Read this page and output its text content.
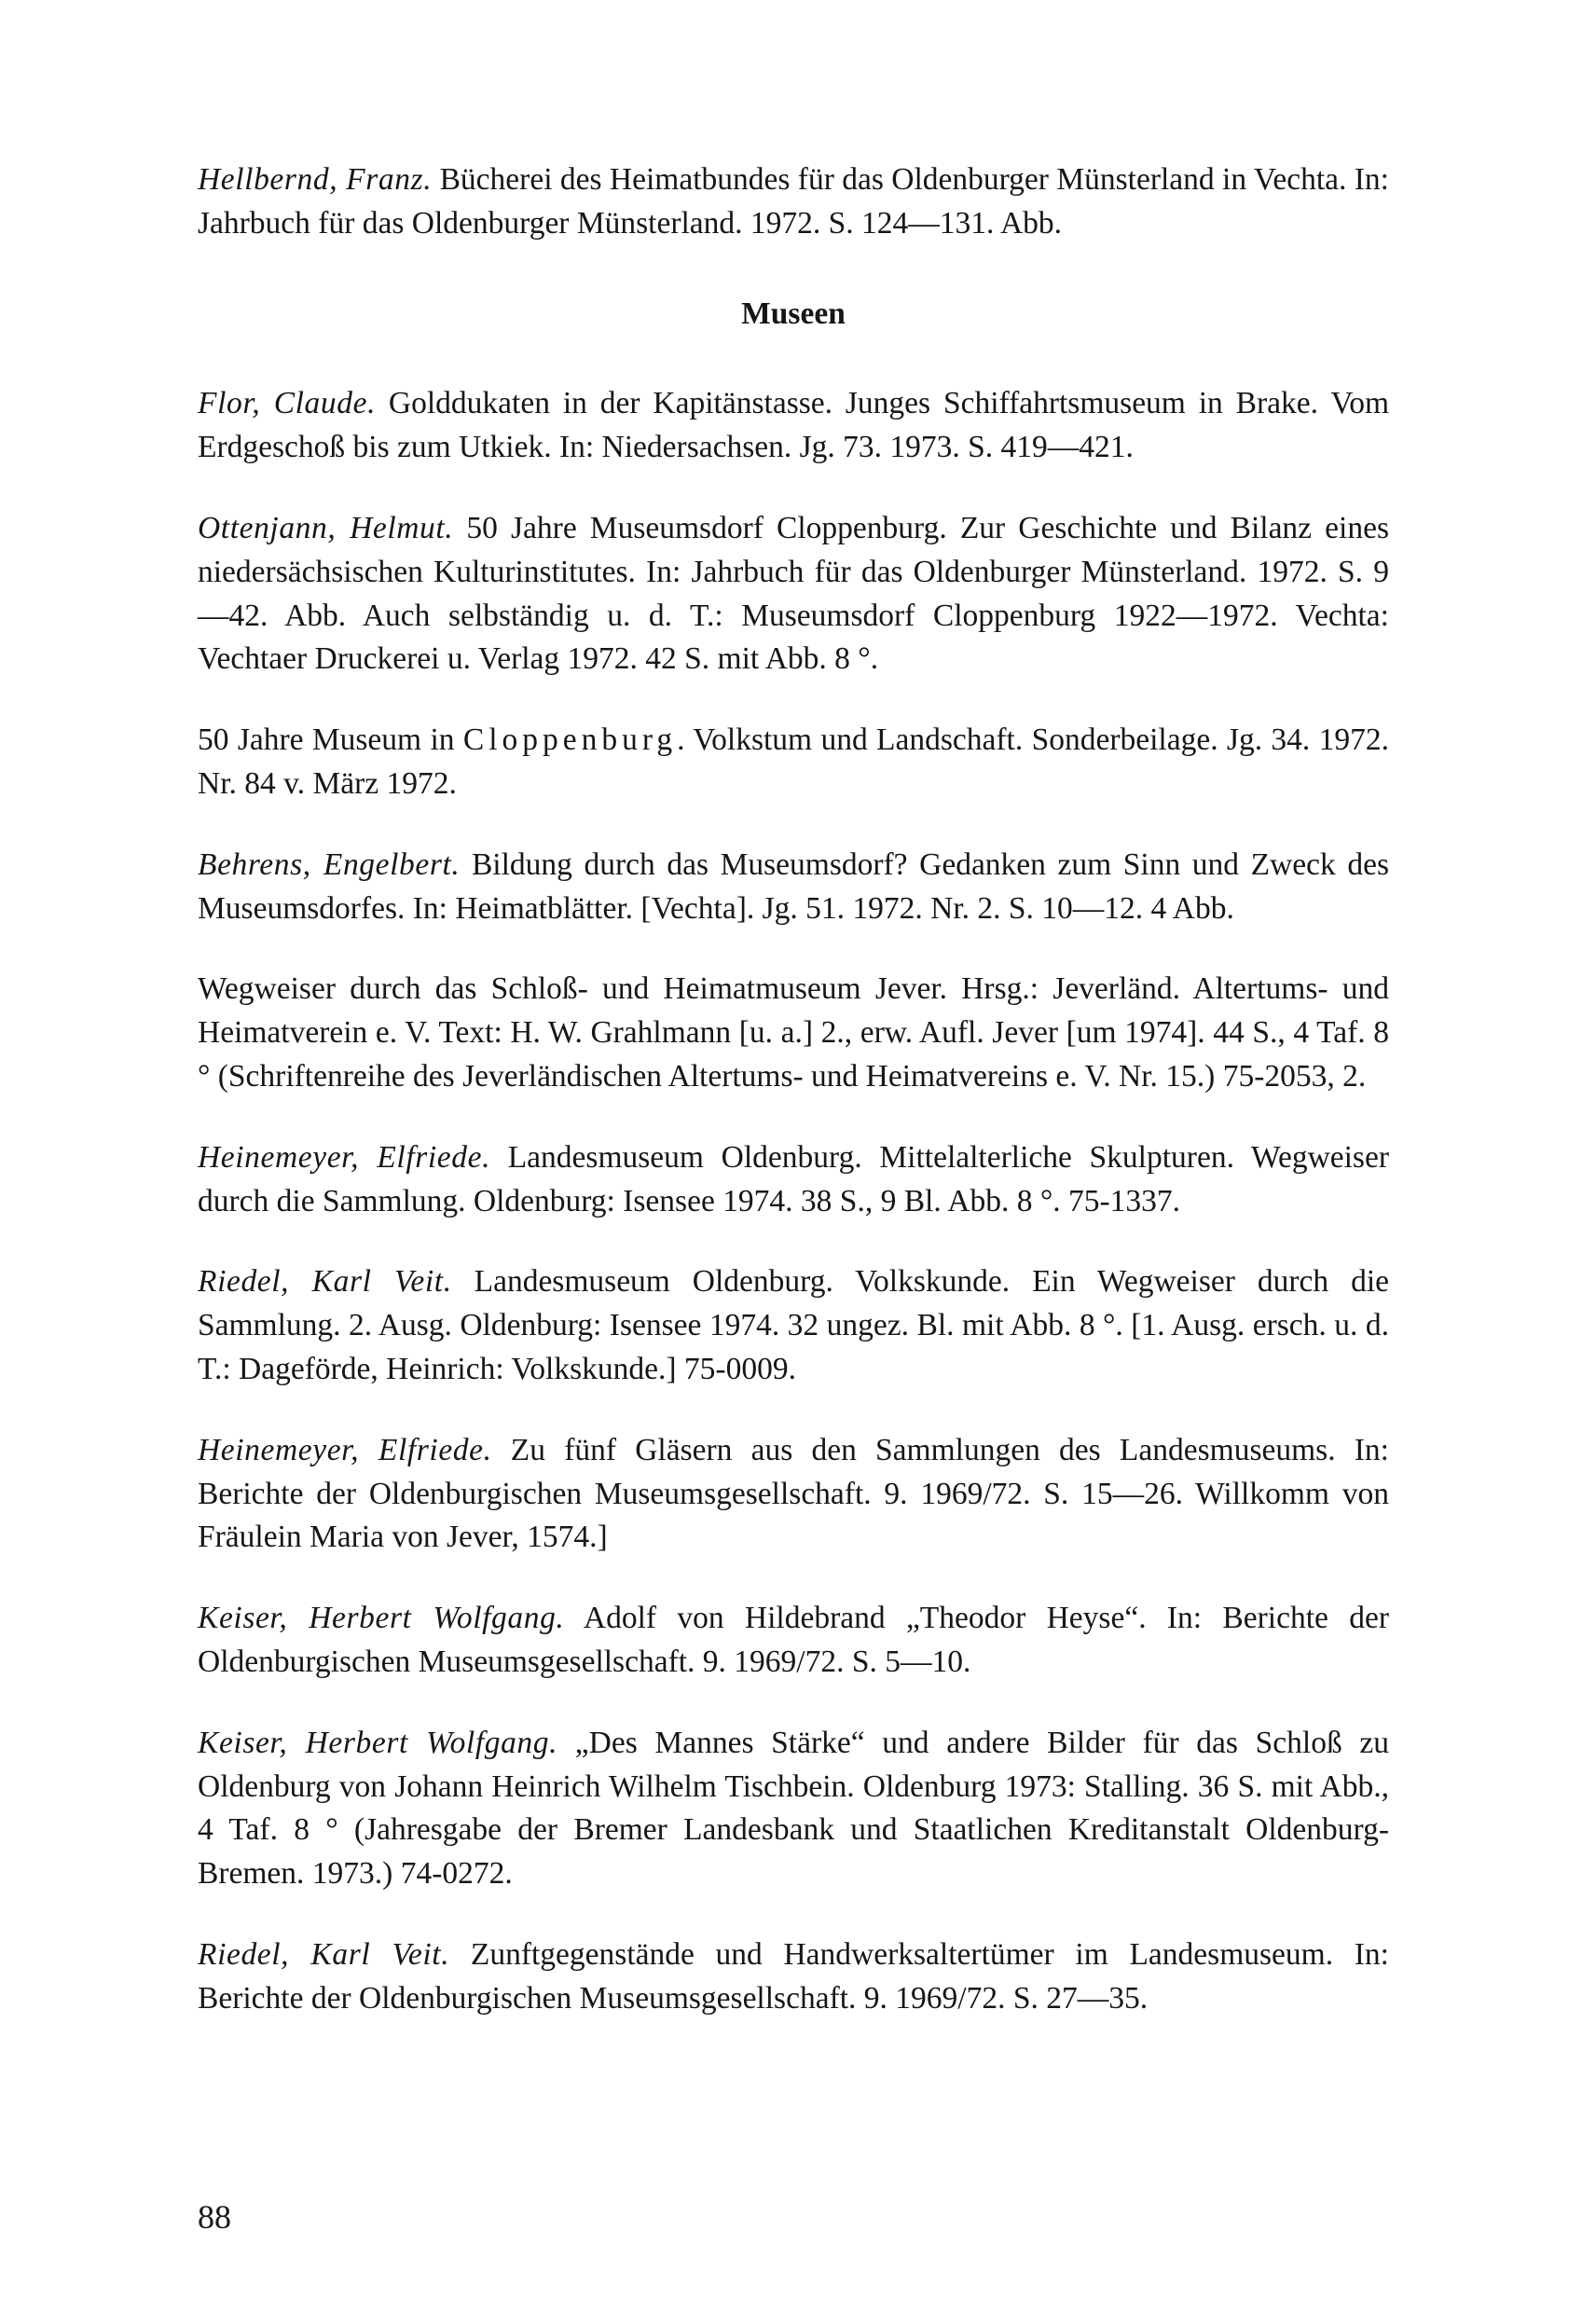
Hellbernd, Franz. Bücherei des Heimatbundes für das Oldenburger Münsterland in Vechta. In: Jahrbuch für das Oldenburger Münsterland. 1972. S. 124—131. Abb.

Museen

Flor, Claude. Golddukaten in der Kapitänstasse. Junges Schiffahrtsmuseum in Brake. Vom Erdgeschoß bis zum Utkiek. In: Niedersachsen. Jg. 73. 1973. S. 419—421.

Ottenjann, Helmut. 50 Jahre Museumsdorf Cloppenburg. Zur Geschichte und Bilanz eines niedersächsischen Kulturinstitutes. In: Jahrbuch für das Oldenburger Münsterland. 1972. S. 9—42. Abb. Auch selbständig u. d. T.: Museumsdorf Cloppenburg 1922—1972. Vechta: Vechtaer Druckerei u. Verlag 1972. 42 S. mit Abb. 8 °.

50 Jahre Museum in Cloppenburg. Volkstum und Landschaft. Sonderbeilage. Jg. 34. 1972. Nr. 84 v. März 1972.

Behrens, Engelbert. Bildung durch das Museumsdorf? Gedanken zum Sinn und Zweck des Museumsdorfes. In: Heimatblätter. [Vechta]. Jg. 51. 1972. Nr. 2. S. 10—12. 4 Abb.

Wegweiser durch das Schloß- und Heimatmuseum Jever. Hrsg.: Jeverländ. Altertums- und Heimatverein e. V. Text: H. W. Grahlmann [u. a.] 2., erw. Aufl. Jever [um 1974]. 44 S., 4 Taf. 8 ° (Schriftenreihe des Jeverländischen Altertums- und Heimatvereins e. V. Nr. 15.) 75-2053, 2.

Heinemeyer, Elfriede. Landesmuseum Oldenburg. Mittelalterliche Skulpturen. Wegweiser durch die Sammlung. Oldenburg: Isensee 1974. 38 S., 9 Bl. Abb. 8 °. 75-1337.

Riedel, Karl Veit. Landesmuseum Oldenburg. Volkskunde. Ein Wegweiser durch die Sammlung. 2. Ausg. Oldenburg: Isensee 1974. 32 ungez. Bl. mit Abb. 8 °. [1. Ausg. ersch. u. d. T.: Dageförde, Heinrich: Volkskunde.] 75-0009.

Heinemeyer, Elfriede. Zu fünf Gläsern aus den Sammlungen des Landesmuseums. In: Berichte der Oldenburgischen Museumsgesellschaft. 9. 1969/72. S. 15—26. Willkomm von Fräulein Maria von Jever, 1574.]

Keiser, Herbert Wolfgang. Adolf von Hildebrand „Theodor Heyse“. In: Berichte der Oldenburgischen Museumsgesellschaft. 9. 1969/72. S. 5—10.

Keiser, Herbert Wolfgang. „Des Mannes Stärke“ und andere Bilder für das Schloß zu Oldenburg von Johann Heinrich Wilhelm Tischbein. Oldenburg 1973: Stalling. 36 S. mit Abb., 4 Taf. 8 ° (Jahresgabe der Bremer Landesbank und Staatlichen Kreditanstalt Oldenburg-Bremen. 1973.) 74-0272.

Riedel, Karl Veit. Zunftgegenstände und Handwerksaltertümer im Landesmuseum. In: Berichte der Oldenburgischen Museumsgesellschaft. 9. 1969/72. S. 27—35.

88
